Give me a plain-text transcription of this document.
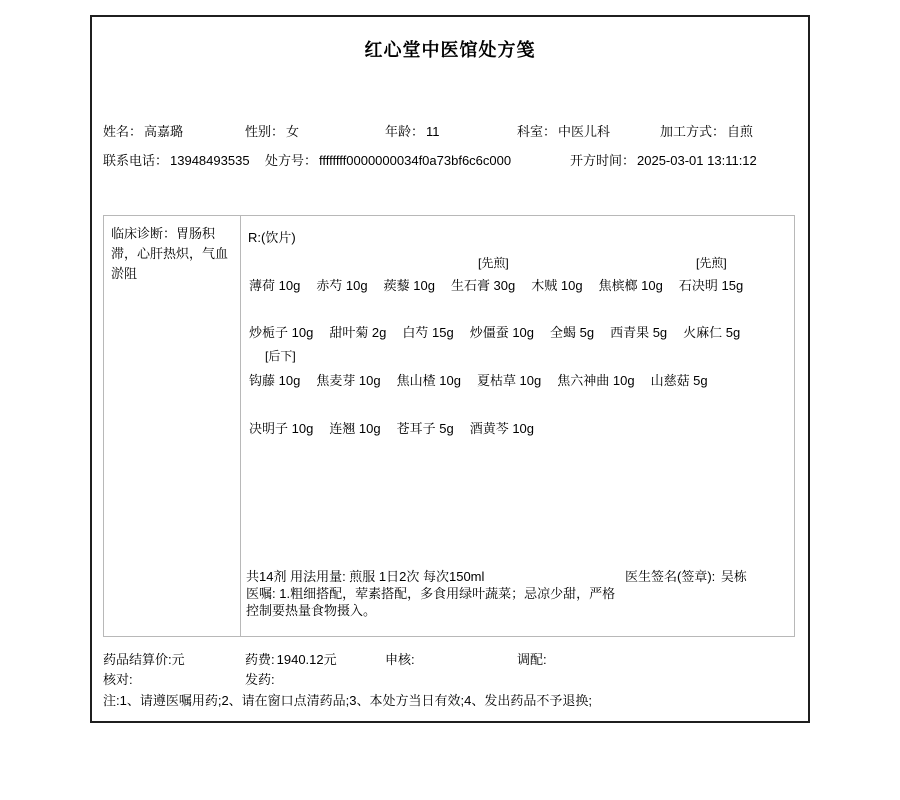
红心堂中医馆处方笺
姓名： 高嘉璐	性别： 女	年龄： 11	科室： 中医儿科	加工方式： 自煎
联系电话： 13948493535 处方号： ffffffff0000000034f0a73bf6c6c000	开方时间： 2025-03-01 13:11:12
临床诊断：胃肠积滞，心肝热炽，气血淤阻
R:(饮片)
[先煎]	[先煎]
薄荷 10g 赤芍 10g 蒺藜 10g 生石膏 30g 木贼 10g 焦槟榔 10g 石决明 15g
炒栀子 10g 甜叶菊 2g 白芍 15g 炒僵蚕 10g 全蝎 5g 西青果 5g 火麻仁 5g
[后下]
钩藤 10g 焦麦芽 10g 焦山楂 10g 夏枯草 10g 焦六神曲 10g 山慈菇 5g
决明子 10g 连翘 10g 苍耳子 5g 酒黄芩 10g
共14剂 用法用量: 煎服 1日2次 每次150ml	医生签名(签章): 吴栋
医嘱: 1.粗细搭配，荤素搭配，多食用绿叶蔬菜；忌凉少甜，严格
控制要热量食物摄入。
药品结算价:元	药费: 1940.12元	申核:	调配:
核对:	发药:
注:1、请遵医嘱用药;2、请在窗口点清药品;3、本处方当日有效;4、发出药品不予退换;
